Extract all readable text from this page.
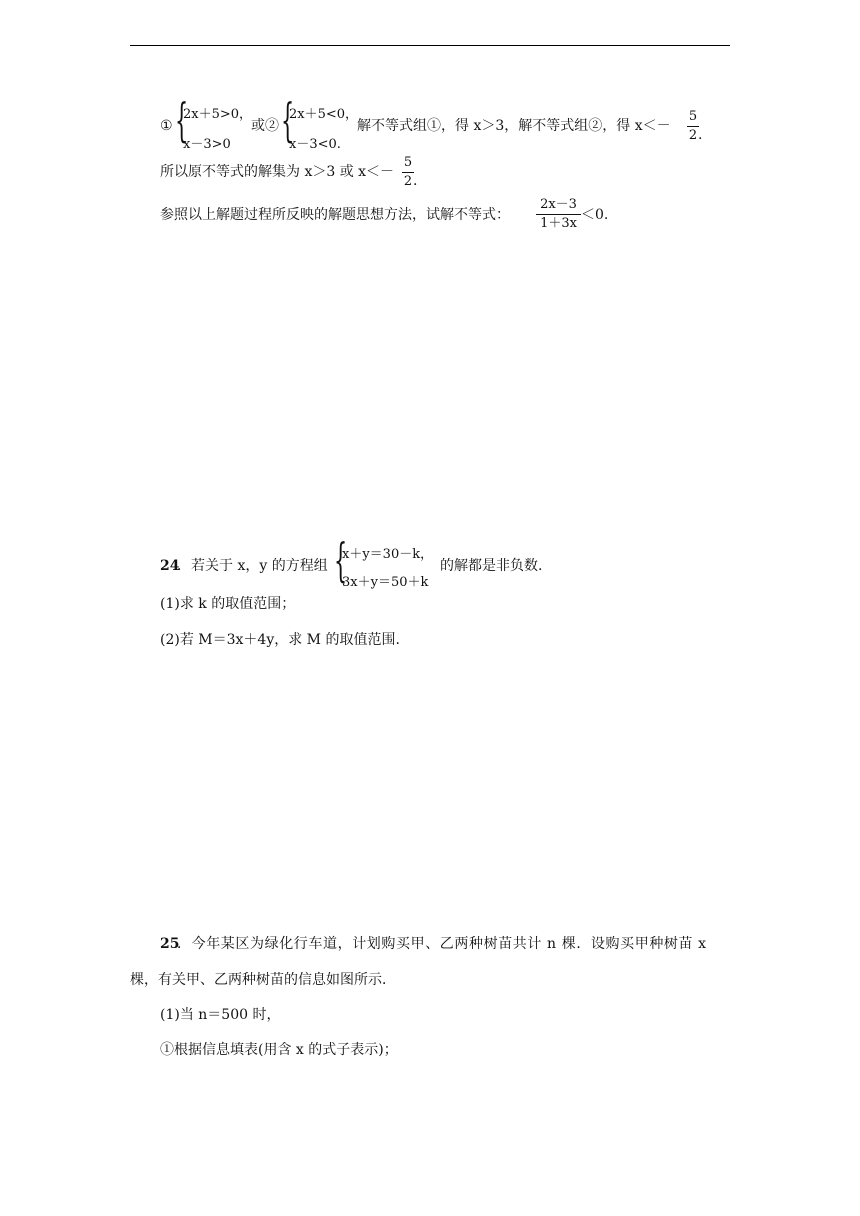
① {
2x＋5>0，
x－3>0
或② {
2x＋5<0，
x－3<0.
解不等式组①，得 x＞3，解不等式组②，得 x＜－
5
2 .
所以原不等式的解集为 x＞3 或 x＜－
5
2 .
参照以上解题过程所反映的解题思想方法，试解不等式：
2x－3
1＋3x
＜0.
24
．若关于 x，y 的方程组 {
x＋y＝30－k，
3x＋y＝50＋k
的解都是非负数.
(1)求 k 的取值范围；
(2)若 M＝3x＋4y，求 M 的取值范围.
25
．今年某区为绿化行车道，计划购买甲、乙两种树苗共计 n 棵．设购买甲种树苗 x
棵，有关甲、乙两种树苗的信息如图所示．
(1)当 n＝500 时，
①根据信息填表(用含 x 的式子表示)；
